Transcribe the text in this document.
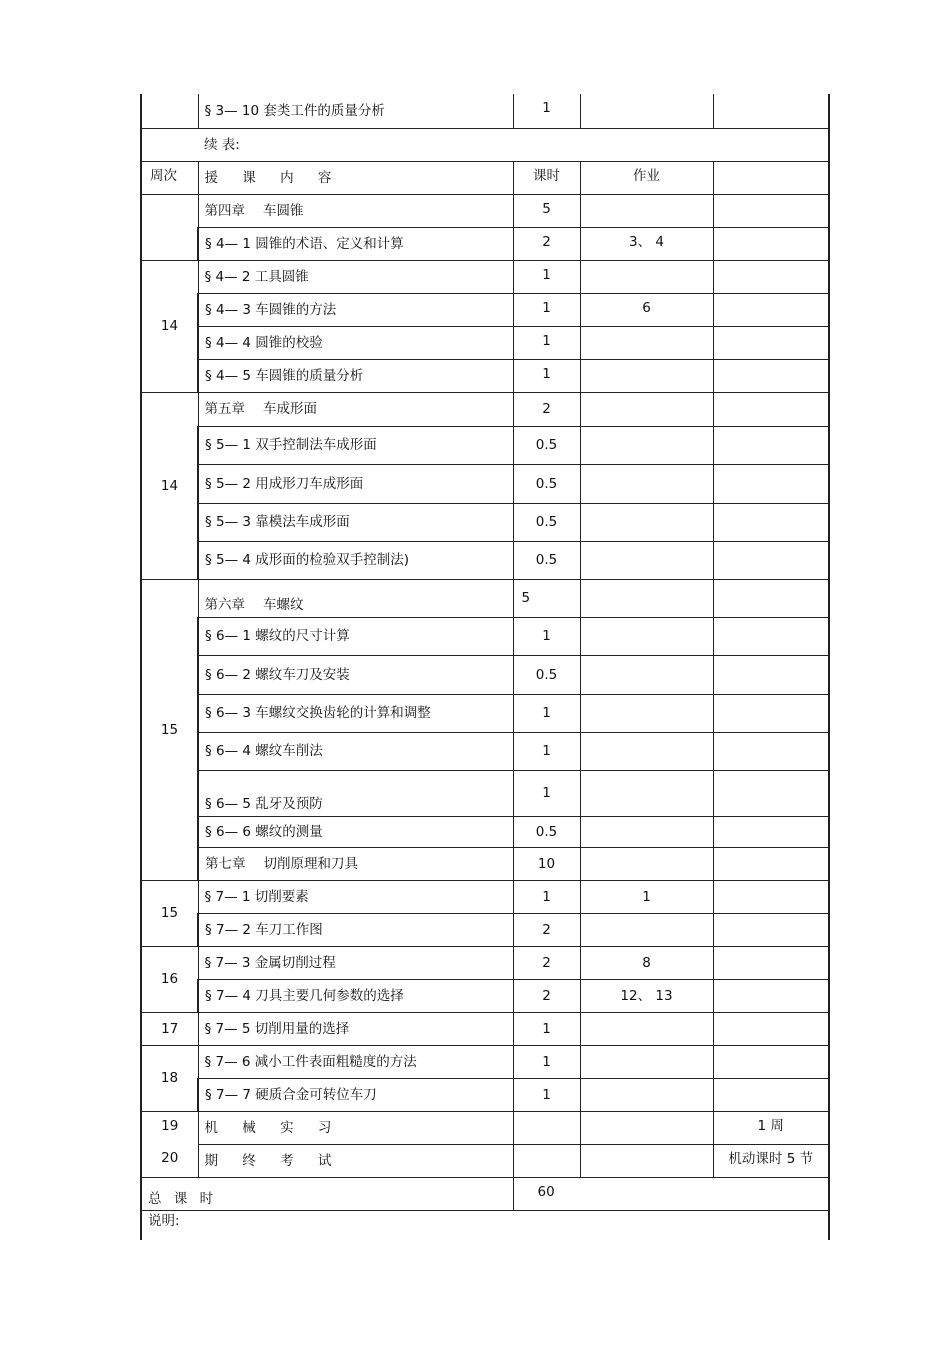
	§ 3— 10 套类工件的质量分析	1		
	续 表:			
周次	援 课 内 容	课时	作业	
	第四章 车圆锥	5		
	§ 4— 1 圆锥的术语、定义和计算	2	3、 4	
14	§ 4— 2 工具圆锥	1		
	§ 4— 3 车圆锥的方法	1	6	
	§ 4— 4 圆锥的校验	1		
	§ 4— 5 车圆锥的质量分析	1		
14	第五章 车成形面	2		
	§ 5— 1 双手控制法车成形面	0.5		
	§ 5— 2 用成形刀车成形面	0.5		
	§ 5— 3 靠模法车成形面	0.5		
	§ 5— 4 成形面的检验双手控制法)	0.5		
15	第六章 车螺纹	5		
	§ 6— 1 螺纹的尺寸计算	1		
	§ 6— 2 螺纹车刀及安装	0.5		
	§ 6— 3 车螺纹交换齿轮的计算和调整	1		
	§ 6— 4 螺纹车削法	1		
	§ 6— 5 乱牙及预防	1		
	§ 6— 6 螺纹的测量	0.5		
	第七章 切削原理和刀具	10		
15	§ 7— 1 切削要素	1	1	
	§ 7— 2 车刀工作图	2		
16	§ 7— 3 金属切削过程	2	8	
	§ 7— 4 刀具主要几何参数的选择	2	12、 13	
17	§ 7— 5 切削用量的选择	1		
18	§ 7— 6 减小工件表面粗糙度的方法	1		
	§ 7— 7 硬质合金可转位车刀	1		
19	机 械 实 习			1 周
20	期 终 考 试			机动课时 5 节
总 课 时		60		
说明:				
